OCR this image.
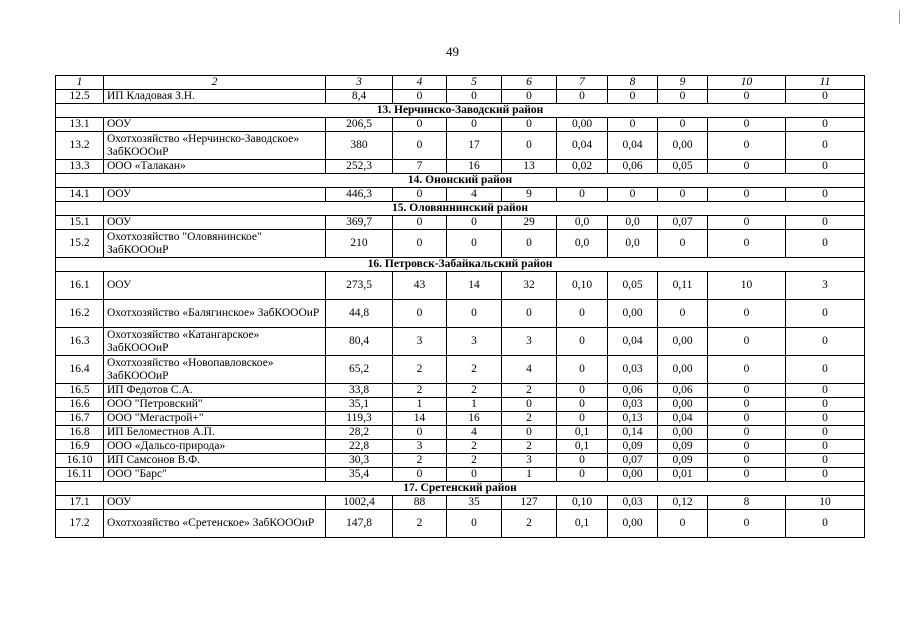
49
1	2	3	4	5	6	7	8	9	10	11
12.5	ИП Кладовая З.Н.	8,4	0	0	0	0	0	0	0	0
13. Нерчинско-Заводский район										
13.1	ООУ	206,5	0	0	0	0,00	0	0	0	0
13.2	Охотхозяйство «Нерчинско-Заводское» ЗабКОООиР	380	0	17	0	0,04	0,04	0,00	0	0
13.3	ООО «Талакан»	252,3	7	16	13	0,02	0,06	0,05	0	0
14. Ононский район										
14.1	ООУ	446,3	0	4	9	0	0	0	0	0
15. Оловяннинский район										
15.1	ООУ	369,7	0	0	29	0,0	0,0	0,07	0	0
15.2	Охотхозяйство "Оловянинское" ЗабКОООиР	210	0	0	0	0,0	0,0	0	0	0
16. Петровск-Забайкальский район										
16.1	ООУ	273,5	43	14	32	0,10	0,05	0,11	10	3
16.2	Охотхозяйство «Балягинское» ЗабКОООиР	44,8	0	0	0	0	0,00	0	0	0
16.3	Охотхозяйство «Катангарское» ЗабКОООиР	80,4	3	3	3	0	0,04	0,00	0	0
16.4	Охотхозяйство «Новопавловское» ЗабКОООиР	65,2	2	2	4	0	0,03	0,00	0	0
16.5	ИП Федотов С.А.	33,8	2	2	2	0	0,06	0,06	0	0
16.6	ООО "Петровский"	35,1	1	1	0	0	0,03	0,00	0	0
16.7	ООО "Мегастрой+"	119,3	14	16	2	0	0,13	0,04	0	0
16.8	ИП Беломестнов А.П.	28,2	0	4	0	0,1	0,14	0,00	0	0
16.9	ООО «Дальсо-природа»	22,8	3	2	2	0,1	0,09	0,09	0	0
16.10	ИП Самсонов В.Ф.	30,3	2	2	3	0	0,07	0,09	0	0
16.11	ООО "Барс"	35,4	0	0	1	0	0,00	0,01	0	0
17. Сретенский район										
17.1	ООУ	1002,4	88	35	127	0,10	0,03	0,12	8	10
17.2	Охотхозяйство «Сретенское» ЗабКОООиР	147,8	2	0	2	0,1	0,00	0	0	0
